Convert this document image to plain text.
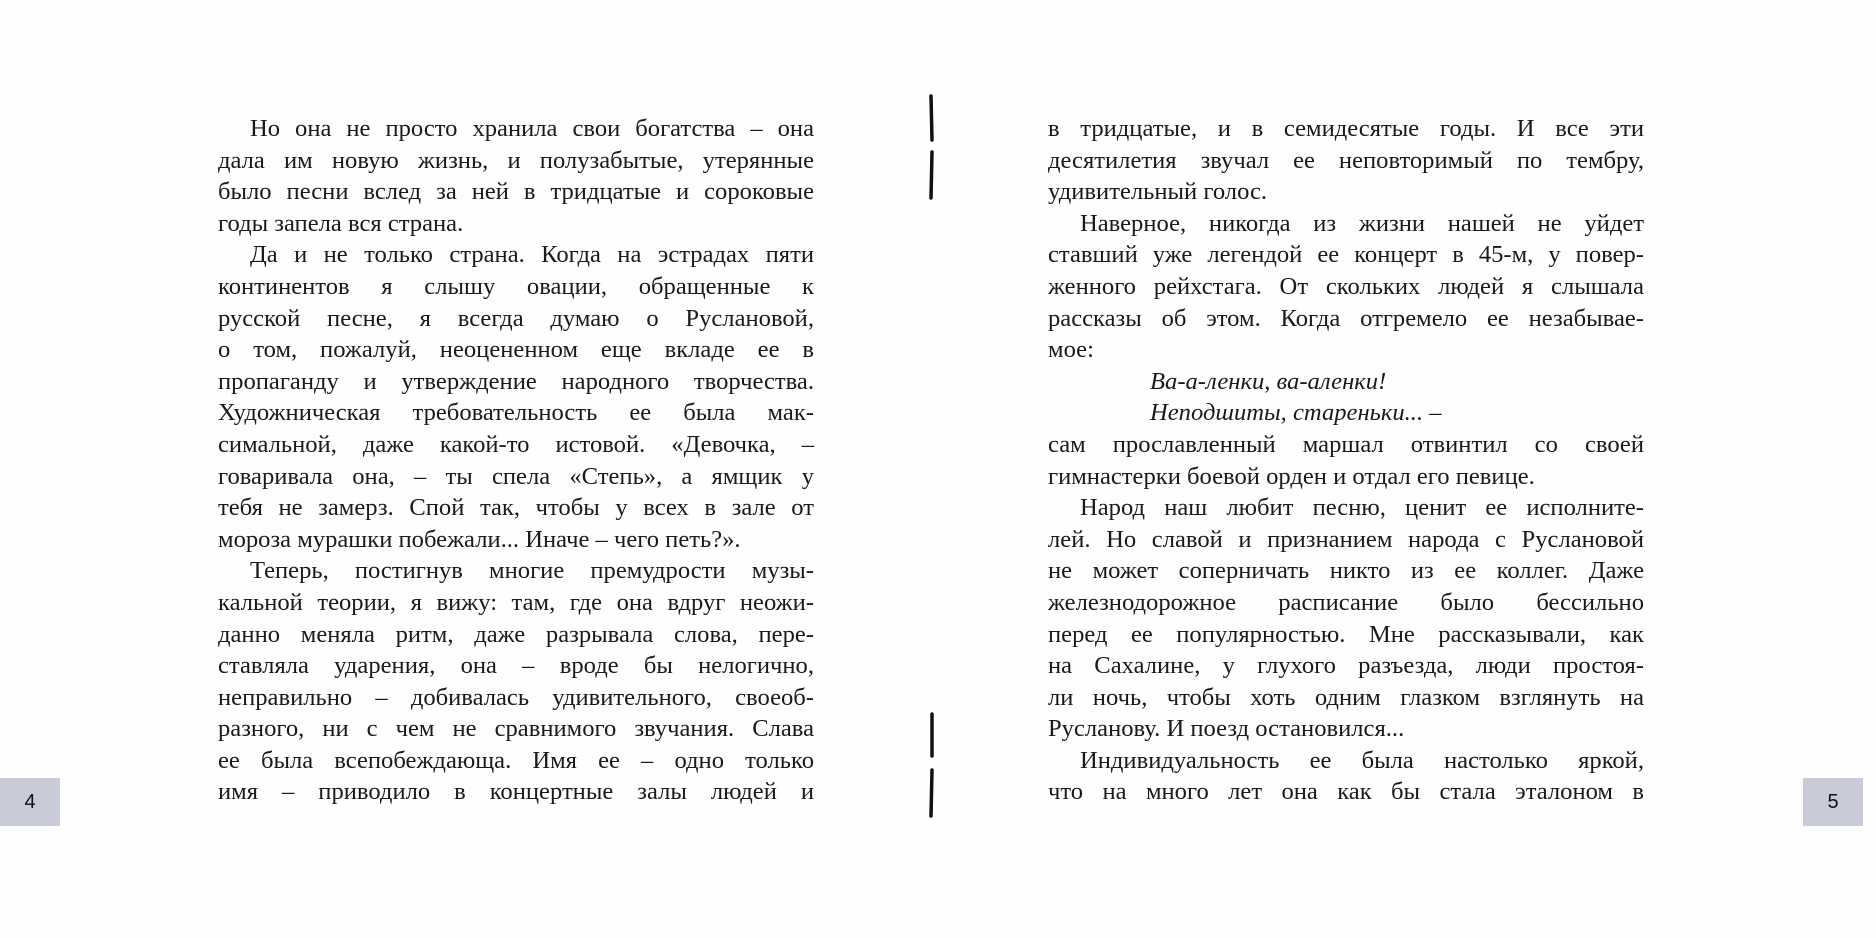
Но она не просто хранила свои богатства – она
дала им новую жизнь, и полузабытые, утерянные
было песни вслед за ней в тридцатые и сороковые
годы запела вся страна.
Да и не только страна. Когда на эстрадах пяти
континентов я слышу овации, обращенные к
русской песне, я всегда думаю о Руслановой,
о том, пожалуй, неоцененном еще вкладе ее в
пропаганду и утверждение народного творчества.
Художническая требовательность ее была мак-
симальной, даже какой-то истовой. «Девочка, –
говаривала она, – ты спела «Степь», а ямщик у
тебя не замерз. Спой так, чтобы у всех в зале от
мороза мурашки побежали... Иначе – чего петь?».
Теперь, постигнув многие премудрости музы-
кальной теории, я вижу: там, где она вдруг неожи-
данно меняла ритм, даже разрывала слова, пере-
ставляла ударения, она – вроде бы нелогично,
неправильно – добивалась удивительного, своеоб-
разного, ни с чем не сравнимого звучания. Слава
ее была всепобеждающа. Имя ее – одно только
имя – приводило в концертные залы людей и
в тридцатые, и в семидесятые годы. И все эти
десятилетия звучал ее неповторимый по тембру,
удивительный голос.
Наверное, никогда из жизни нашей не уйдет
ставший уже легендой ее концерт в 45-м, у повер-
женного рейхстага. От скольких людей я слышала
рассказы об этом. Когда отгремело ее незабывае-
мое:
Ва-а-ленки, ва-аленки!
Неподшиты, стареньки... –
сам прославленный маршал отвинтил со своей
гимнастерки боевой орден и отдал его певице.
Народ наш любит песню, ценит ее исполните-
лей. Но славой и признанием народа с Руслановой
не может соперничать никто из ее коллег. Даже
железнодорожное расписание было бессильно
перед ее популярностью. Мне рассказывали, как
на Сахалине, у глухого разъезда, люди простоя-
ли ночь, чтобы хоть одним глазком взглянуть на
Русланову. И поезд остановился...
Индивидуальность ее была настолько яркой,
что на много лет она как бы стала эталоном в
4	5
